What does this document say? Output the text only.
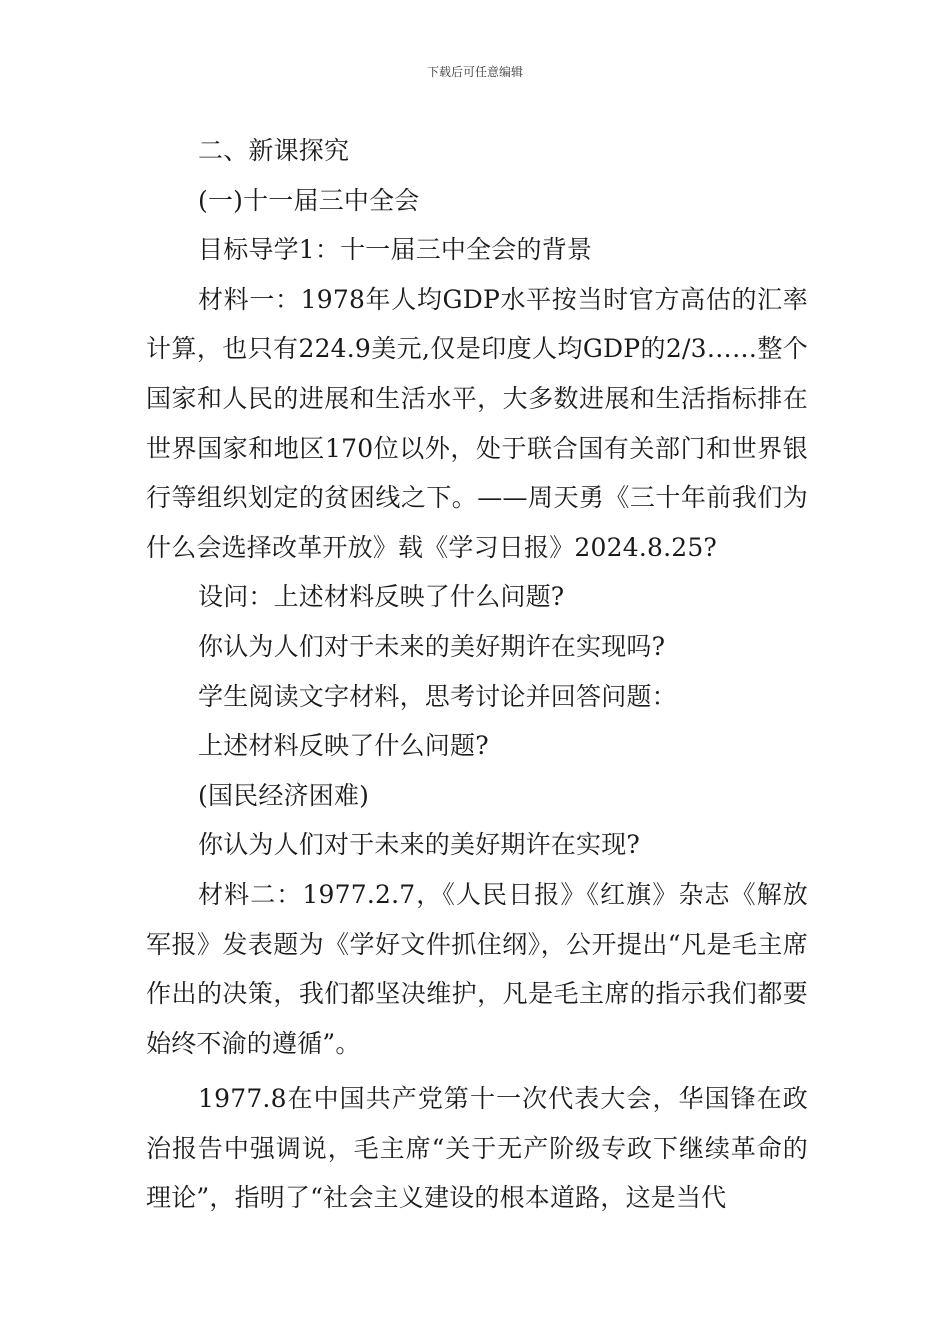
下载后可任意编辑

二、新课探究

(一)十一届三中全会

目标导学1：十一届三中全会的背景

材料一：1978年人均GDP水平按当时官方高估的汇率计算，也只有224.9美元,仅是印度人均GDP的2/3……整个国家和人民的进展和生活水平，大多数进展和生活指标排在世界国家和地区170位以外，处于联合国有关部门和世界银行等组织划定的贫困线之下。——周天勇《三十年前我们为什么会选择改革开放》载《学习日报》2024.8.25?

设问：上述材料反映了什么问题?

你认为人们对于未来的美好期许在实现吗?

学生阅读文字材料，思考讨论并回答问题：

上述材料反映了什么问题?

(国民经济困难)

你认为人们对于未来的美好期许在实现?

材料二：1977.2.7，《人民日报》《红旗》杂志《解放军报》发表题为《学好文件抓住纲》，公开提出“凡是毛主席作出的决策，我们都坚决维护，凡是毛主席的指示我们都要始终不渝的遵循”。

1977.8在中国共产党第十一次代表大会，华国锋在政治报告中强调说，毛主席“关于无产阶级专政下继续革命的理论”，指明了“社会主义建设的根本道路，这是当代
